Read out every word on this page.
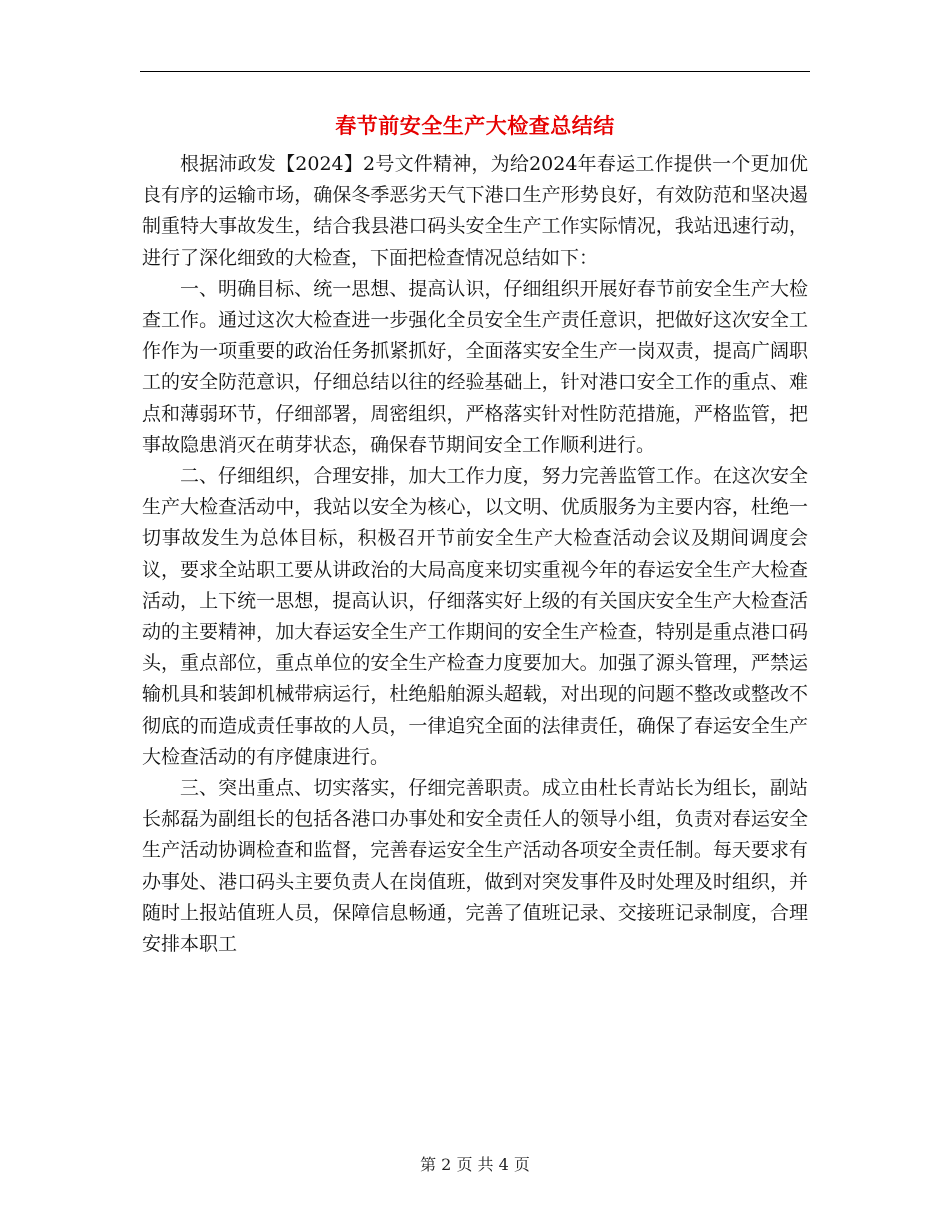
春节前安全生产大检查总结结

根据沛政发【2024】2号文件精神，为给2024年春运工作提供一个更加优良有序的运输市场，确保冬季恶劣天气下港口生产形势良好，有效防范和坚决遏制重特大事故发生，结合我县港口码头安全生产工作实际情况，我站迅速行动，进行了深化细致的大检查，下面把检查情况总结如下：

一、明确目标、统一思想、提高认识，仔细组织开展好春节前安全生产大检查工作。通过这次大检查进一步强化全员安全生产责任意识，把做好这次安全工作作为一项重要的政治任务抓紧抓好，全面落实安全生产一岗双责，提高广阔职工的安全防范意识，仔细总结以往的经验基础上，针对港口安全工作的重点、难点和薄弱环节，仔细部署，周密组织，严格落实针对性防范措施，严格监管，把事故隐患消灭在萌芽状态，确保春节期间安全工作顺利进行。

二、仔细组织，合理安排，加大工作力度，努力完善监管工作。在这次安全生产大检查活动中，我站以安全为核心，以文明、优质服务为主要内容，杜绝一切事故发生为总体目标，积极召开节前安全生产大检查活动会议及期间调度会议，要求全站职工要从讲政治的大局高度来切实重视今年的春运安全生产大检查活动，上下统一思想，提高认识，仔细落实好上级的有关国庆安全生产大检查活动的主要精神，加大春运安全生产工作期间的安全生产检查，特别是重点港口码头，重点部位，重点单位的安全生产检查力度要加大。加强了源头管理，严禁运输机具和装卸机械带病运行，杜绝船舶源头超载，对出现的问题不整改或整改不彻底的而造成责任事故的人员，一律追究全面的法律责任，确保了春运安全生产大检查活动的有序健康进行。

三、突出重点、切实落实，仔细完善职责。成立由杜长青站长为组长，副站长郝磊为副组长的包括各港口办事处和安全责任人的领导小组，负责对春运安全生产活动协调检查和监督，完善春运安全生产活动各项安全责任制。每天要求有办事处、港口码头主要负责人在岗值班，做到对突发事件及时处理及时组织，并随时上报站值班人员，保障信息畅通，完善了值班记录、交接班记录制度，合理安排本职工

第 2 页 共 4 页
